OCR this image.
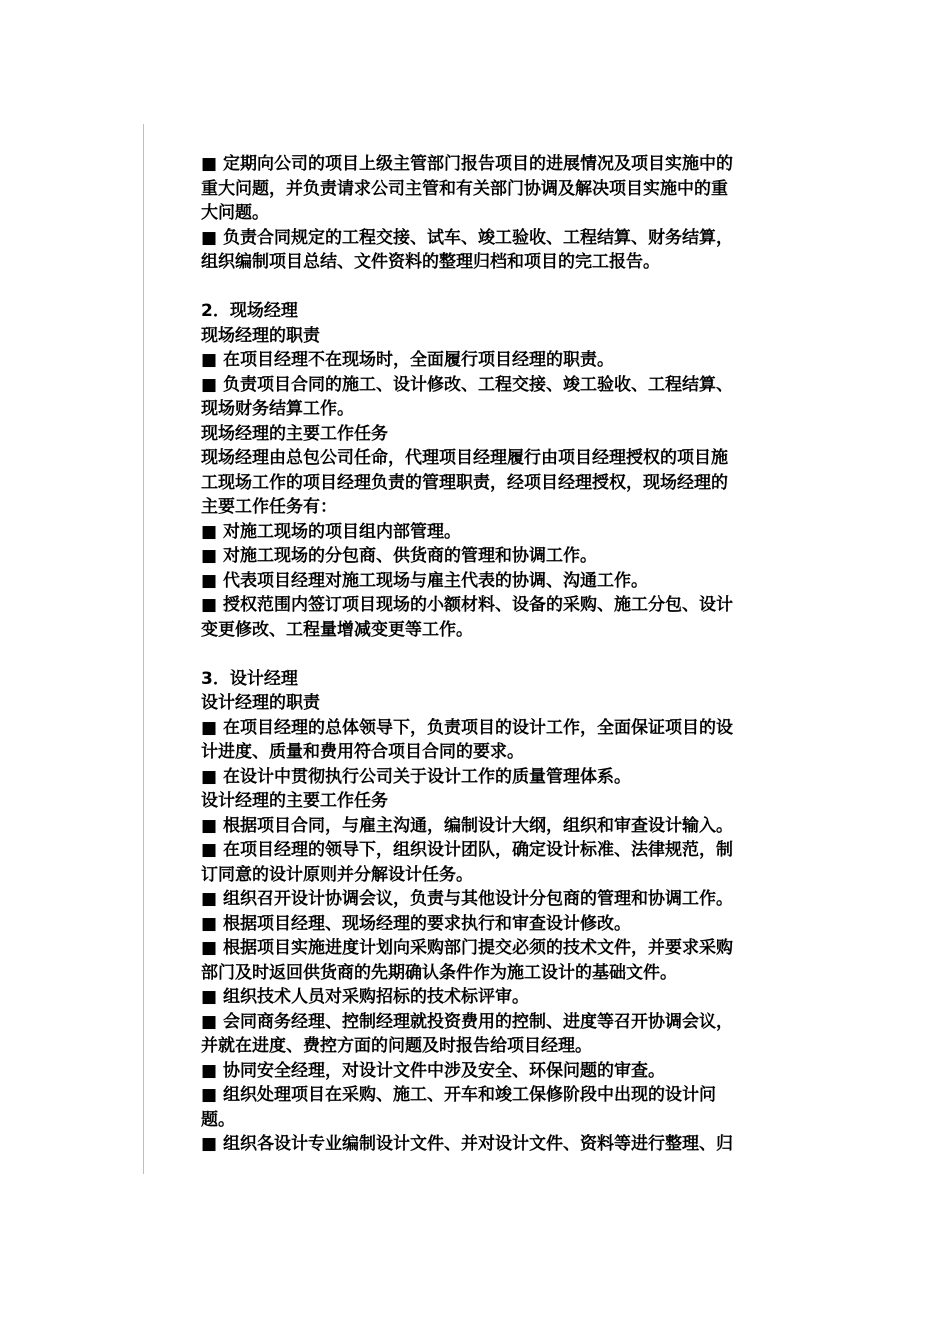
■ 定期向公司的项目上级主管部门报告项目的进展情况及项目实施中的
重大问题，并负责请求公司主管和有关部门协调及解决项目实施中的重
大问题。
■ 负责合同规定的工程交接、试车、竣工验收、工程结算、财务结算，
组织编制项目总结、文件资料的整理归档和项目的完工报告。
2．现场经理
现场经理的职责
■ 在项目经理不在现场时，全面履行项目经理的职责。
■ 负责项目合同的施工、设计修改、工程交接、竣工验收、工程结算、
现场财务结算工作。
现场经理的主要工作任务
现场经理由总包公司任命，代理项目经理履行由项目经理授权的项目施
工现场工作的项目经理负责的管理职责，经项目经理授权，现场经理的
主要工作任务有：
■ 对施工现场的项目组内部管理。
■ 对施工现场的分包商、供货商的管理和协调工作。
■ 代表项目经理对施工现场与雇主代表的协调、沟通工作。
■ 授权范围内签订项目现场的小额材料、设备的采购、施工分包、设计
变更修改、工程量增减变更等工作。
3．设计经理
设计经理的职责
■ 在项目经理的总体领导下，负责项目的设计工作，全面保证项目的设
计进度、质量和费用符合项目合同的要求。
■ 在设计中贯彻执行公司关于设计工作的质量管理体系。
设计经理的主要工作任务
■ 根据项目合同，与雇主沟通，编制设计大纲，组织和审查设计输入。
■ 在项目经理的领导下，组织设计团队，确定设计标准、法律规范，制
订同意的设计原则并分解设计任务。
■ 组织召开设计协调会议，负责与其他设计分包商的管理和协调工作。
■ 根据项目经理、现场经理的要求执行和审查设计修改。
■ 根据项目实施进度计划向采购部门提交必须的技术文件，并要求采购
部门及时返回供货商的先期确认条件作为施工设计的基础文件。
■ 组织技术人员对采购招标的技术标评审。
■ 会同商务经理、控制经理就投资费用的控制、进度等召开协调会议，
并就在进度、费控方面的问题及时报告给项目经理。
■ 协同安全经理，对设计文件中涉及安全、环保问题的审查。
■ 组织处理项目在采购、施工、开车和竣工保修阶段中出现的设计问
题。
■ 组织各设计专业编制设计文件、并对设计文件、资料等进行整理、归
